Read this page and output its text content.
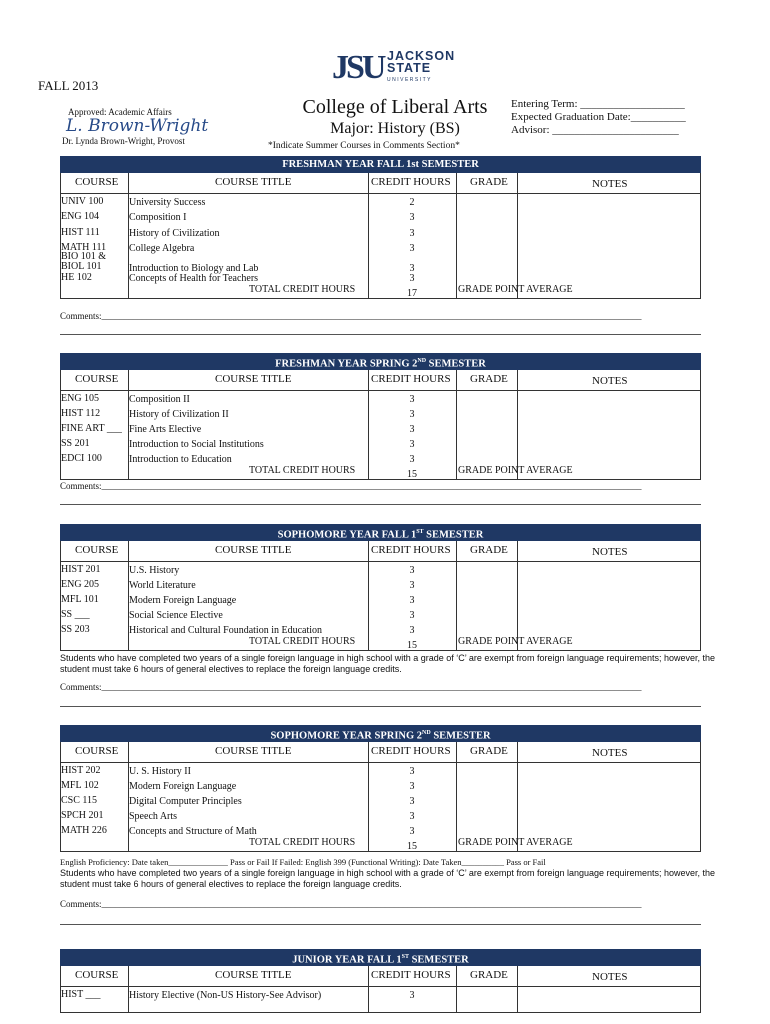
JSU JACKSON
STATE
UNIVERSITY
FALL 2013
Approved: Academic Affairs
L. Brown-Wright
Dr. Lynda Brown-Wright, Provost
College of Liberal Arts
Major: History (BS)
*Indicate Summer Courses in Comments Section*
Entering Term: ___________________
Expected Graduation Date:__________
Advisor: _______________________
FRESHMAN YEAR FALL 1st SEMESTER
COURSE	COURSE TITLE	CREDIT HOURS GRADE	NOTES
UNIV 100	University Success	2
ENG 104	Composition I	3
HIST 111	History of Civilization	3
MATH 111 College Algebra	3
BIO 101 &
BIOL 101	Introduction to Biology and Lab	3
HE 102	Concepts of Health for Teachers	3
TOTAL CREDIT HOURS	17	GRADE POINT AVERAGE
FRESHMAN YEAR SPRING 2ND SEMESTER
COURSE	COURSE TITLE	CREDIT HOURS GRADE	NOTES
ENG 105	Composition II	3
HIST 112	History of Civilization II	3
FINE ART ___ Fine Arts Elective	3
SS 201	Introduction to Social Institutions	3
EDCI 100	Introduction to Education	3
TOTAL CREDIT HOURS	15	GRADE POINT AVERAGE
SOPHOMORE YEAR FALL 1ST SEMESTER
COURSE	COURSE TITLE	CREDIT HOURS GRADE	NOTES
HIST 201	U.S. History	3
ENG 205	World Literature	3
MFL 101	Modern Foreign Language	3
SS ___	Social Science Elective	3
SS 203	Historical and Cultural Foundation in Education	3
TOTAL CREDIT HOURS	15	GRADE POINT AVERAGE
SOPHOMORE YEAR SPRING 2ND SEMESTER
COURSE	COURSE TITLE	CREDIT HOURS GRADE	NOTES
HIST 202	U. S. History II	3
MFL 102	Modern Foreign Language	3
CSC 115	Digital Computer Principles	3
SPCH 201	Speech Arts	3
MATH 226 Concepts and Structure of Math	3
TOTAL CREDIT HOURS	15	GRADE POINT AVERAGE
JUNIOR YEAR FALL 1ST SEMESTER
COURSE	COURSE TITLE	CREDIT HOURS GRADE	NOTES
HIST ___	History Elective (Non-US History-See Advisor)	3
Comments:________________________________________________________________________________________________________________________
Comments:________________________________________________________________________________________________________________________
Students who have completed two years of a single foreign language in high school with a grade of ‘C’ are exempt from foreign language requirements; however, the student must take 6 hours of general electives to replace the foreign language credits.
Comments:________________________________________________________________________________________________________________________
English Proficiency: Date taken______________ Pass or Fail If Failed: English 399 (Functional Writing): Date Taken__________ Pass or Fail
Students who have completed two years of a single foreign language in high school with a grade of ‘C’ are exempt from foreign language requirements; however, the student must take 6 hours of general electives to replace the foreign language credits.
Comments:________________________________________________________________________________________________________________________
